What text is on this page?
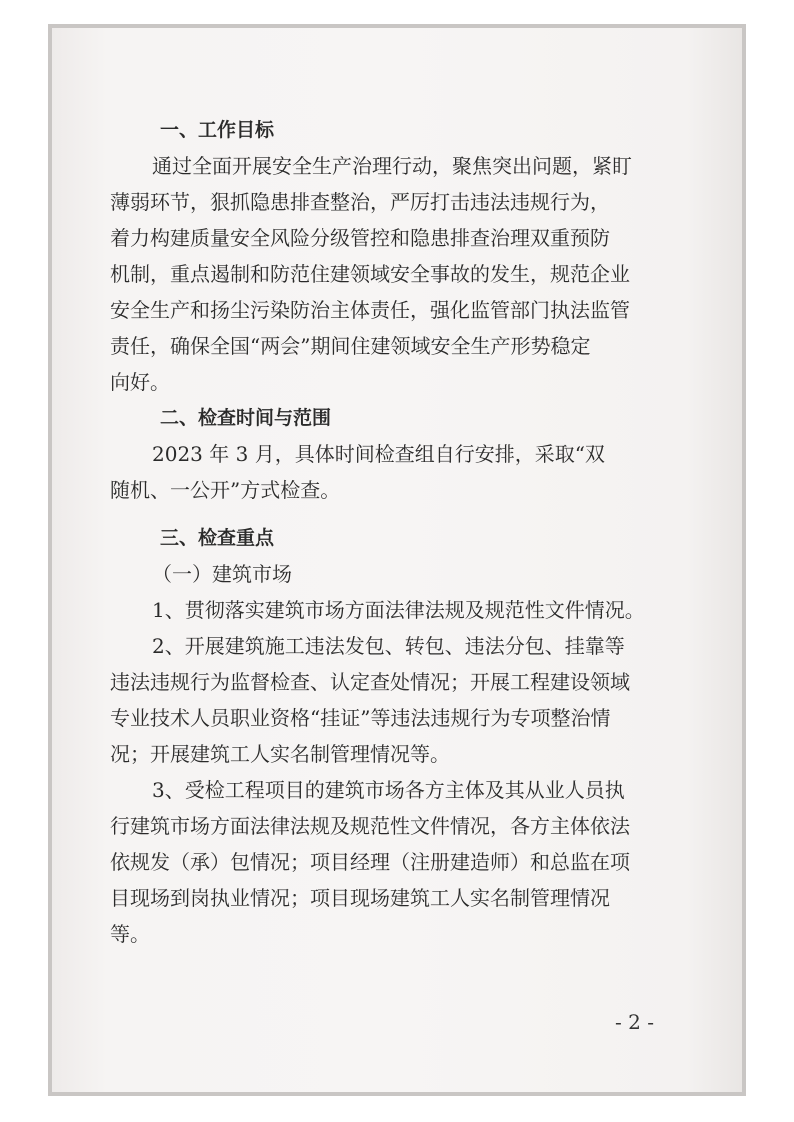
一、工作目标
通过全面开展安全生产治理行动，聚焦突出问题，紧盯
薄弱环节，狠抓隐患排查整治，严厉打击违法违规行为，
着力构建质量安全风险分级管控和隐患排查治理双重预防
机制，重点遏制和防范住建领域安全事故的发生，规范企业
安全生产和扬尘污染防治主体责任，强化监管部门执法监管
责任，确保全国“两会”期间住建领域安全生产形势稳定
向好。
二、检查时间与范围
2023 年 3 月，具体时间检查组自行安排，采取“双
随机、一公开”方式检查。
三、检查重点
（一）建筑市场
1、贯彻落实建筑市场方面法律法规及规范性文件情况。
2、开展建筑施工违法发包、转包、违法分包、挂靠等
违法违规行为监督检查、认定查处情况；开展工程建设领域
专业技术人员职业资格“挂证”等违法违规行为专项整治情
况；开展建筑工人实名制管理情况等。
3、受检工程项目的建筑市场各方主体及其从业人员执
行建筑市场方面法律法规及规范性文件情况，各方主体依法
依规发（承）包情况；项目经理（注册建造师）和总监在项
目现场到岗执业情况；项目现场建筑工人实名制管理情况
等。
- 2 -
